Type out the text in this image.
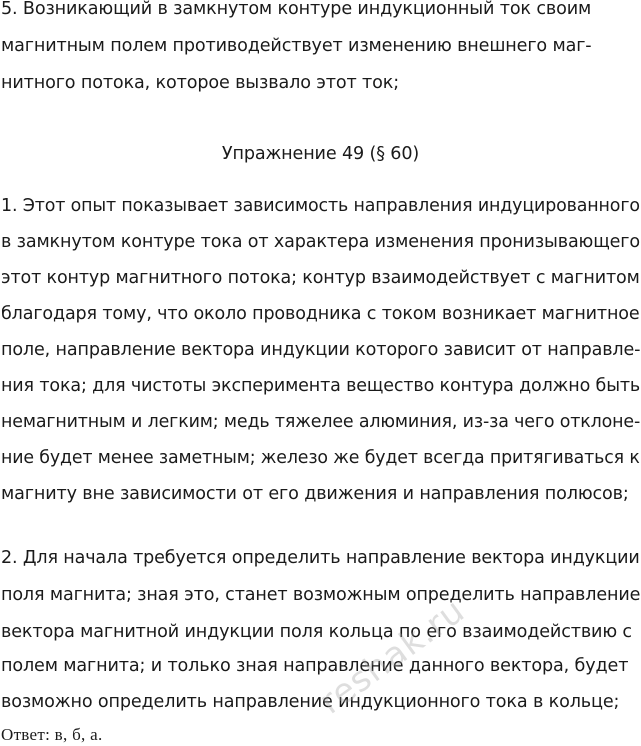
5. Возникающий в замкнутом контуре индукционный ток своим
магнитным полем противодействует изменению внешнего маг-
нитного потока, которое вызвало этот ток;
Упражнение 49 (§ 60)
1. Этот опыт показывает зависимость направления индуцированного
в замкнутом контуре тока от характера изменения пронизывающего
этот контур магнитного потока; контур взаимодействует с магнитом
благодаря тому, что около проводника с током возникает магнитное
поле, направление вектора индукции которого зависит от направле-
ния тока; для чистоты эксперимента вещество контура должно быть
немагнитным и легким; медь тяжелее алюминия, из-за чего отклоне-
ние будет менее заметным; железо же будет всегда притягиваться к
магниту вне зависимости от его движения и направления полюсов;
2. Для начала требуется определить направление вектора индукции
поля магнита; зная это, станет возможным определить направление
вектора магнитной индукции поля кольца по его взаимодействию с
полем магнита; и только зная направление данного вектора, будет
возможно определить направление индукционного тока в кольце;
Ответ: в, б, а.
reshak.ru
